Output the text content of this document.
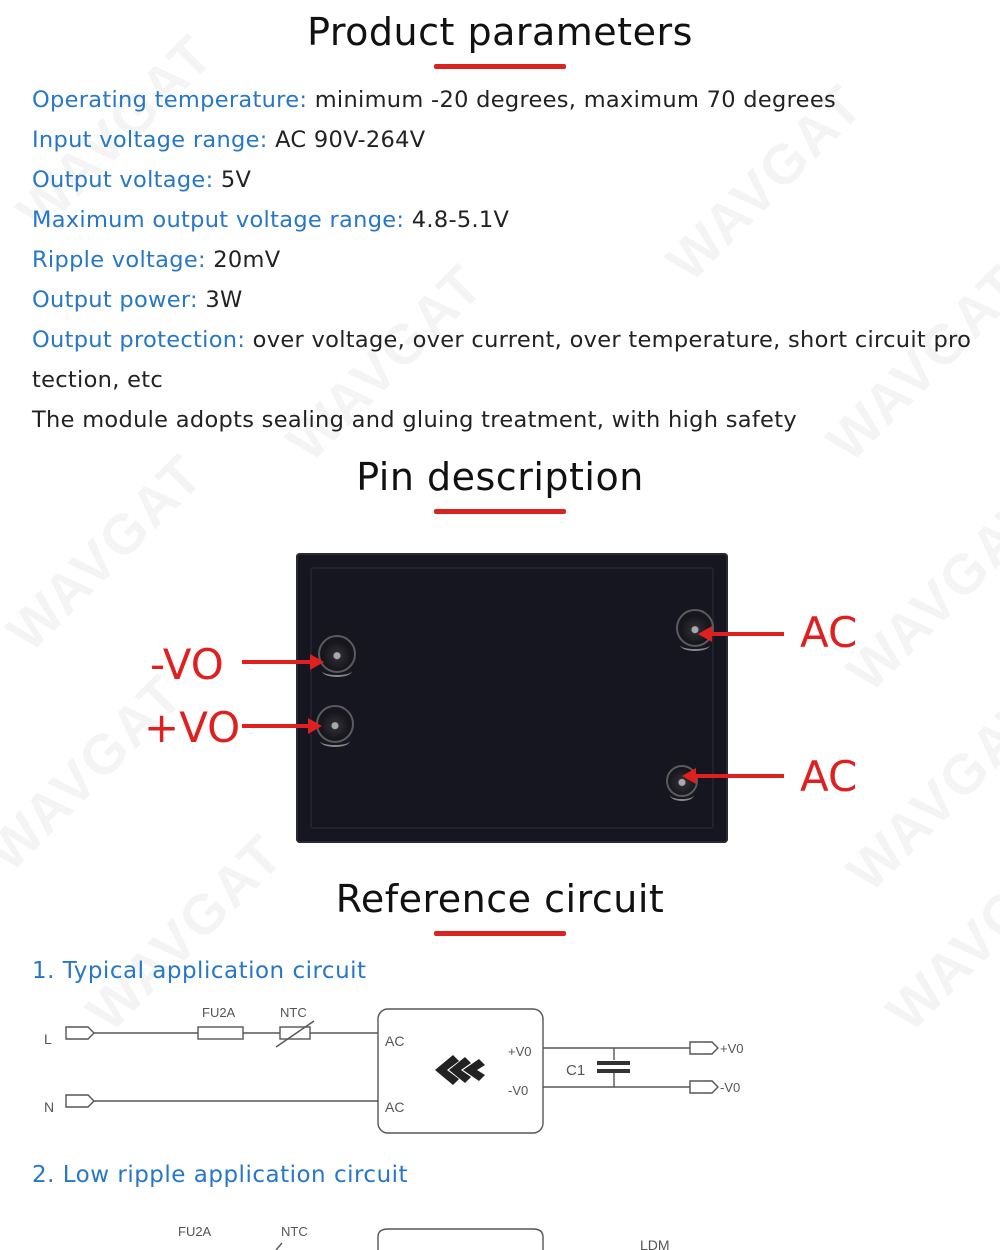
Product parameters
Operating temperature: minimum -20 degrees, maximum 70 degrees
Input voltage range: AC 90V-264V
Output voltage: 5V
Maximum output voltage range: 4.8-5.1V
Ripple voltage: 20mV
Output power: 3W
Output protection: over voltage, over current, over temperature, short circuit pro
tection, etc
The module adopts sealing and gluing treatment, with high safety
Pin description
-VO
+VO
AC
AC
Reference circuit
1. Typical application circuit
L
N
FU2A	NTC
AC
AC
+V0
-V0
C1
+V0
-V0
2. Low ripple application circuit
FU2A	NTC
LDM
